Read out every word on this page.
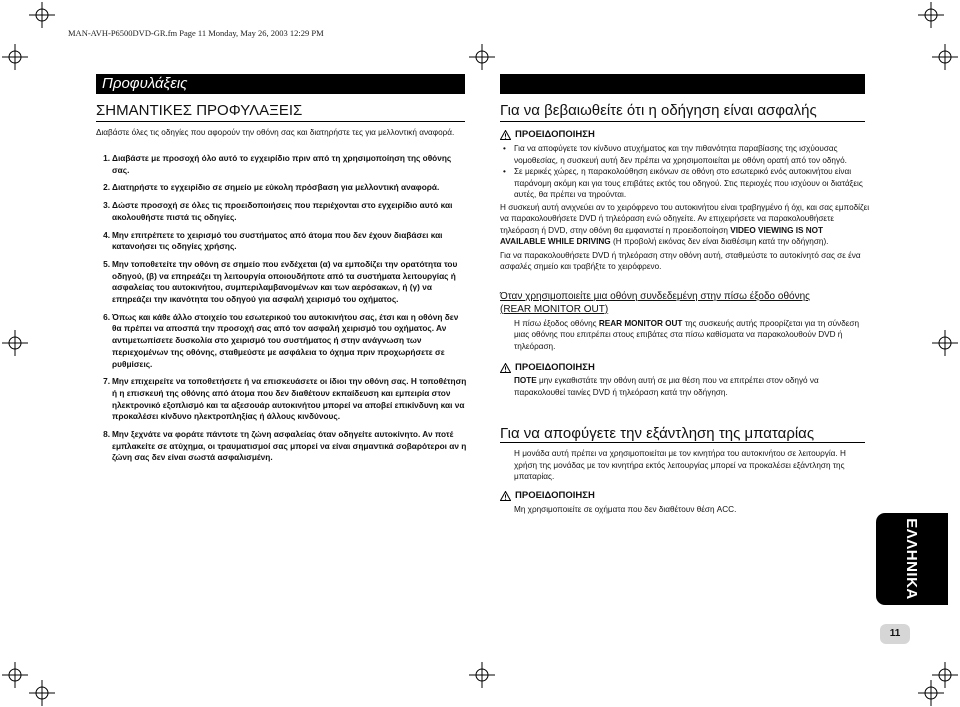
MAN-AVH-P6500DVD-GR.fm Page 11 Monday, May 26, 2003 12:29 PM
Προφυλάξεις
ΣΗΜΑΝΤΙΚΕΣ ΠΡΟΦΥΛΑΞΕΙΣ
Διαβάστε όλες τις οδηγίες που αφορούν την οθόνη σας και διατηρήστε τες για μελλοντική αναφορά.
1. Διαβάστε με προσοχή όλο αυτό το εγχειρίδιο πριν από τη χρησιμοποίηση της οθόνης σας.
2. Διατηρήστε το εγχειρίδιο σε σημείο με εύκολη πρόσβαση για μελλοντική αναφορά.
3. Δώστε προσοχή σε όλες τις προειδοποιήσεις που περιέχονται στο εγχειρίδιο αυτό και ακολουθήστε πιστά τις οδηγίες.
4. Μην επιτρέπετε το χειρισμό του συστήματος από άτομα που δεν έχουν διαβάσει και κατανοήσει τις οδηγίες χρήσης.
5. Μην τοποθετείτε την οθόνη σε σημείο που ενδέχεται (α) να εμποδίζει την ορατότητα του οδηγού, (β) να επηρεάζει τη λειτουργία οποιουδήποτε από τα συστήματα λειτουργίας ή ασφαλείας του αυτοκινήτου, συμπεριλαμβανομένων και των αερόσακων, ή (γ) να επηρεάζει την ικανότητα του οδηγού για ασφαλή χειρισμό του οχήματος.
6. Όπως και κάθε άλλο στοιχείο του εσωτερικού του αυτοκινήτου σας, έτσι και η οθόνη δεν θα πρέπει να αποσπά την προσοχή σας από τον ασφαλή χειρισμό του οχήματος. Αν αντιμετωπίσετε δυσκολία στο χειρισμό του συστήματος ή στην ανάγνωση των περιεχομένων της οθόνης, σταθμεύστε με ασφάλεια το όχημα πριν προχωρήσετε σε ρυθμίσεις.
7. Μην επιχειρείτε να τοποθετήσετε ή να επισκευάσετε οι ίδιοι την οθόνη σας. Η τοποθέτηση ή η επισκευή της οθόνης από άτομα που δεν διαθέτουν εκπαίδευση και εμπειρία στον ηλεκτρονικό εξοπλισμό και τα αξεσουάρ αυτοκινήτου μπορεί να αποβεί επικίνδυνη και να προκαλέσει κίνδυνο ηλεκτροπληξίας ή άλλους κινδύνους.
8. Μην ξεχνάτε να φοράτε πάντοτε τη ζώνη ασφαλείας όταν οδηγείτε αυτοκίνητο. Αν ποτέ εμπλακείτε σε ατύχημα, οι τραυματισμοί σας μπορεί να είναι σημαντικά σοβαρότεροι αν η ζώνη σας δεν είναι σωστά ασφαλισμένη.
Για να βεβαιωθείτε ότι η οδήγηση είναι ασφαλής
ΠΡΟΕΙΔΟΠΟΙΗΣΗ
• Για να αποφύγετε τον κίνδυνο ατυχήματος και την πιθανότητα παραβίασης της ισχύουσας νομοθεσίας, η συσκευή αυτή δεν πρέπει να χρησιμοποιείται με οθόνη ορατή από τον οδηγό.
• Σε μερικές χώρες, η παρακολούθηση εικόνων σε οθόνη στο εσωτερικό ενός αυτοκινήτου είναι παράνομη ακόμη και για τους επιβάτες εκτός του οδηγού. Στις περιοχές που ισχύουν οι διατάξεις αυτές, θα πρέπει να τηρούνται.
Η συσκευή αυτή ανιχνεύει αν το χειρόφρενο του αυτοκινήτου είναι τραβηγμένο ή όχι, και σας εμποδίζει να παρακολουθήσετε DVD ή τηλεόραση ενώ οδηγείτε. Αν επιχειρήσετε να παρακολουθήσετε τηλεόραση ή DVD, στην οθόνη θα εμφανιστεί η προειδοποίηση VIDEO VIEWING IS NOT AVAILABLE WHILE DRIVING (Η προβολή εικόνας δεν είναι διαθέσιμη κατά την οδήγηση).
Για να παρακολουθήσετε DVD ή τηλεόραση στην οθόνη αυτή, σταθμεύστε το αυτοκίνητό σας σε ένα ασφαλές σημείο και τραβήξτε το χειρόφρενο.
Όταν χρησιμοποιείτε μια οθόνη συνδεδεμένη στην πίσω έξοδο οθόνης
(REAR MONITOR OUT)
Η πίσω έξοδος οθόνης REAR MONITOR OUT της συσκευής αυτής προορίζεται για τη σύνδεση μιας οθόνης που επιτρέπει στους επιβάτες στα πίσω καθίσματα να παρακολουθούν DVD ή τηλεόραση.
ΠΡΟΕΙΔΟΠΟΙΗΣΗ
ΠΟΤΕ μην εγκαθιστάτε την οθόνη αυτή σε μια θέση που να επιτρέπει στον οδηγό να παρακολουθεί ταινίες DVD ή τηλεόραση κατά την οδήγηση.
Για να αποφύγετε την εξάντληση της μπαταρίας
Η μονάδα αυτή πρέπει να χρησιμοποιείται με τον κινητήρα του αυτοκινήτου σε λειτουργία. Η χρήση της μονάδας με τον κινητήρα εκτός λειτουργίας μπορεί να προκαλέσει εξάντληση της μπαταρίας.
ΠΡΟΕΙΔΟΠΟΙΗΣΗ
Μη χρησιμοποιείτε σε οχήματα που δεν διαθέτουν θέση ACC.
ΕΛΛΗΝΙΚΑ
11
